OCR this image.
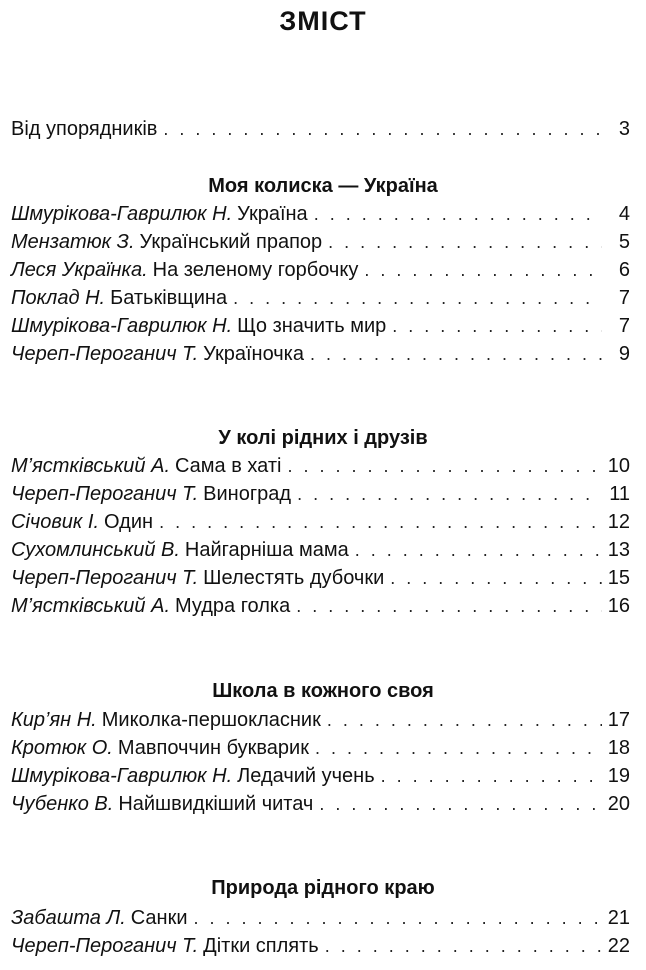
ЗМІСТ
Від упорядників . . .	3
Моя колиска — Україна
Шмурікова-Гаврилюк Н. Україна . . .	4
Мензатюк З. Український прапор . . .	5
Леся Українка. На зеленому горбочку . . .	6
Поклад Н. Батьківщина . . .	7
Шмурікова-Гаврилюк Н. Що значить мир . . .	7
Череп-Пероганич Т. Україночка . . .	9
У колі рідних і друзів
М’ястківський А. Сама в хаті . . .	10
Череп-Пероганич Т. Виноград . . .	11
Січовик І. Один . . .	12
Сухомлинський В. Найгарніша мама . . .	13
Череп-Пероганич Т. Шелестять дубочки . . .	15
М’ястківський А. Мудра голка . . .	16
Школа в кожного своя
Кир’ян Н. Миколка-першокласник . . .	17
Кротюк О. Мавпоччин букварик . . .	18
Шмурікова-Гаврилюк Н. Ледачий учень . . .	19
Чубенко В. Найшвидкіший читач . . .	20
Природа рідного краю
Забашта Л. Санки . . .	21
Череп-Пероганич Т. Дітки сплять . . .	22
